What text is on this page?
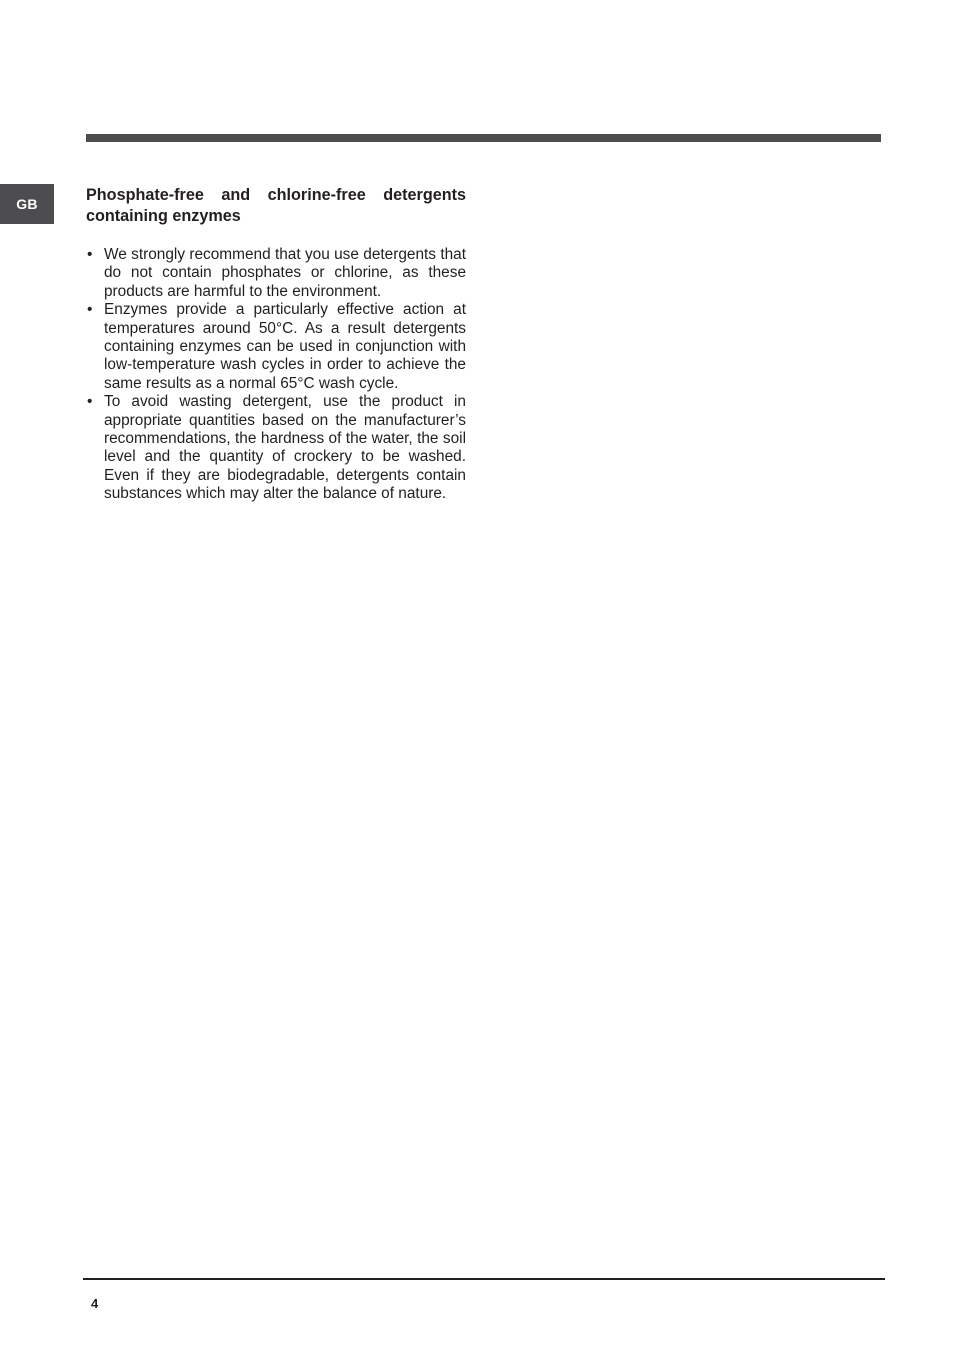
GB	Phosphate-free and chlorine-free detergents containing enzymes
• We strongly recommend that you use detergents that do not contain phosphates or chlorine, as these products are harmful to the environment.
• Enzymes provide a particularly effective action at temperatures around 50°C. As a result detergents containing enzymes can be used in conjunction with low-temperature wash cycles in order to achieve the same results as a normal 65°C wash cycle.
• To avoid wasting detergent, use the product in appropriate quantities based on the manufacturer’s recommendations, the hardness of the water, the soil level and the quantity of crockery to be washed. Even if they are biodegradable, detergents contain substances which may alter the balance of nature.
4
